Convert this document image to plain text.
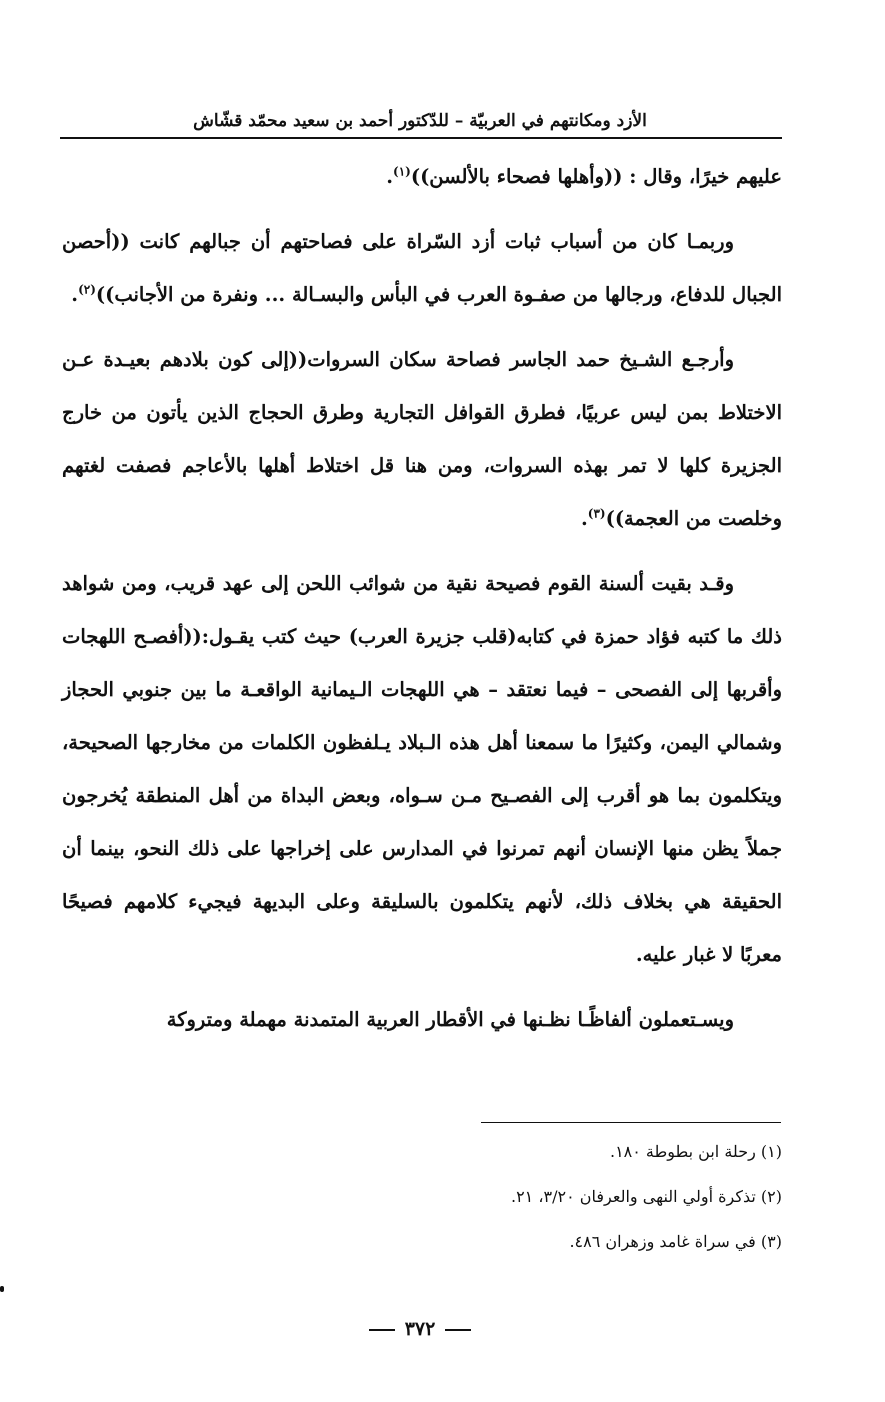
الأزد ومكانتهم في العربيّة – للدّكتور أحمد بن سعيد محمّد قشّاش

عليهم خيرًا، وقال : ((وأهلها فصحاء بالألسن))$^{(١)}$.

وربمـا كان من أسباب ثبات أزد السّراة على فصاحتهم أن جبالهم كانت ((أحصن الجبال للدفاع، ورجالها من صفـوة العرب في البأس والبسـالة ... ونفرة من الأجانب))$^{(٢)}$.

وأرجـع الشـيخ حمد الجاسر فصاحة سكان السروات((إلى كون بلادهم بعيـدة عـن الاختلاط بمن ليس عربيًا، فطرق القوافل التجارية وطرق الحجاج الذين يأتون من خارج الجزيرة كلها لا تمر بهذه السروات، ومن هنا قل اختلاط أهلها بالأعاجم فصفت لغتهم وخلصت من العجمة))$^{(٣)}$.

وقـد بقيت ألسنة القوم فصيحة نقية من شوائب اللحن إلى عهد قريب، ومن شواهد ذلك ما كتبه فؤاد حمزة في كتابه(قلب جزيرة العرب) حيث كتب يقـول:((أفصـح اللهجات وأقربها إلى الفصحى – فيما نعتقد – هي اللهجات الـيمانية الواقعـة ما بين جنوبي الحجاز وشمالي اليمن، وكثيرًا ما سمعنا أهل هذه الـبلاد يـلفظون الكلمات من مخارجها الصحيحة، ويتكلمون بما هو أقرب إلى الفصـيح مـن سـواه، وبعض البداة من أهل المنطقة يُخرجون جملاً يظن منها الإنسان أنهم تمرنوا في المدارس على إخراجها على ذلك النحو، بينما أن الحقيقة هي بخلاف ذلك، لأنهم يتكلمون بالسليقة وعلى البديهة فيجيء كلامهم فصيحًا معربًا لا غبار عليه.

ويسـتعملون ألفاظًـا نظـنها في الأقطار العربية المتمدنة مهملة ومتروكة

(١) رحلة ابن بطوطة ١٨٠.

(٢) تذكرة أولي النهى والعرفان ٣/٢٠، ٢١.

(٣) في سراة غامد وزهران ٤٨٦.

٣٧٢
